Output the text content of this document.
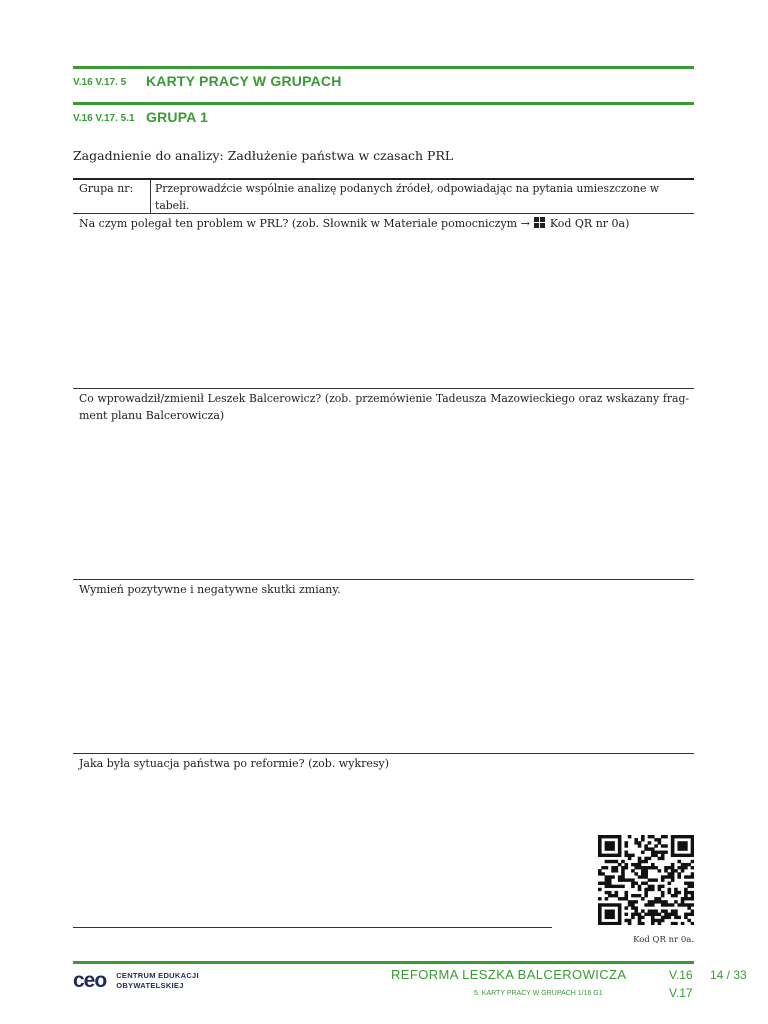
V.16 V.17. 5 KARTY PRACY W GRUPACH
V.16 V.17. 5.1 GRUPA 1
Zagadnienie do analizy: Zadłużenie państwa w czasach PRL
Grupa nr: Przeprowadźcie wspólnie analizę podanych źródeł, odpowiadając na pytania umieszczone w tabeli.
Na czym polegał ten problem w PRL? (zob. Słownik w Materiale pomocniczym → Kod QR nr 0a)
Co wprowadził/zmienił Leszek Balcerowicz? (zob. przemówienie Tadeusza Mazowieckiego oraz wskazany frag-
ment planu Balcerowicza)
Wymień pozytywne i negatywne skutki zmiany.
Jaka była sytuacja państwa po reformie? (zob. wykresy)
Kod QR nr 0a.
ceo CENTRUM EDUKACJI
OBYWATELSKIEJ
REFORMA LESZKA BALCEROWICZA
5. KARTY PRACY W GRUPACH 1/16 G1
V.16
V.17
14 / 33
